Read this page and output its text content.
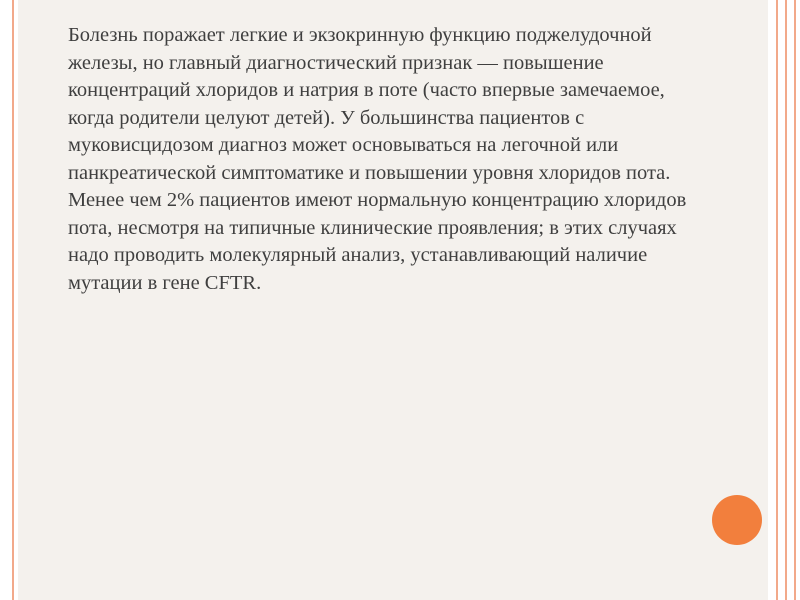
Болезнь поражает легкие и экзокринную функцию поджелудочной железы, но главный диагностический признак — повышение концентраций хлоридов и натрия в поте (часто впервые замечаемое, когда родители целуют детей). У большинства пациентов с муковисцидозом диагноз может основываться на легочной или панкреатической симптоматике и повышении уровня хлоридов пота. Менее чем 2% пациентов имеют нормальную концентрацию хлоридов пота, несмотря на типичные клинические проявления; в этих случаях надо проводить молекулярный анализ, устанавливающий наличие мутации в гене CFTR.
